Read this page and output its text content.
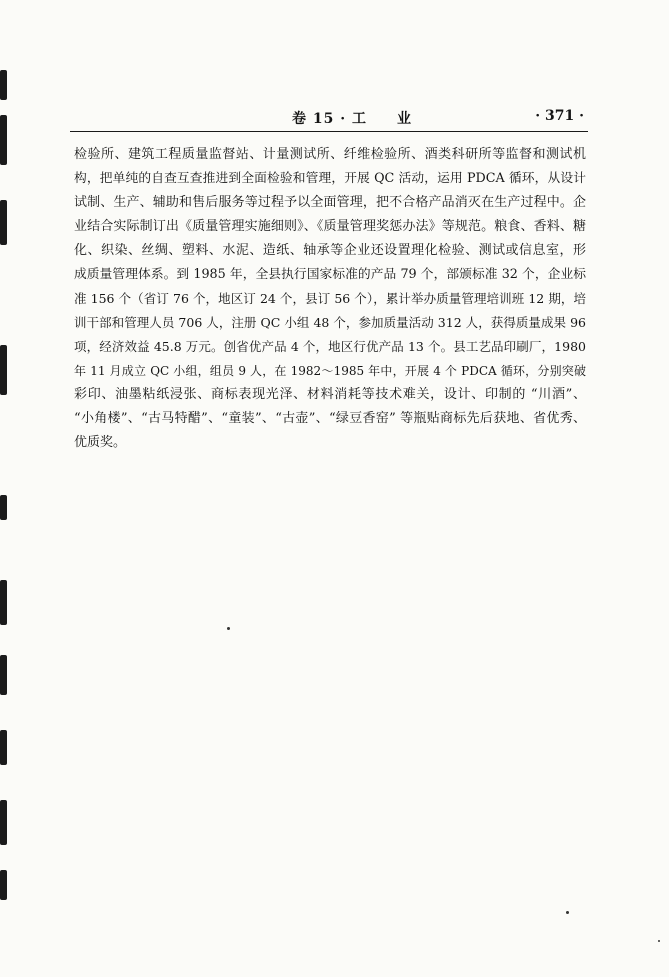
卷 15 · 工　　业	· 371 ·
检验所、建筑工程质量监督站、计量测试所、纤维检验所、酒类科研所等监督和测试机
构，把单纯的自查互查推进到全面检验和管理，开展 QC 活动，运用 PDCA 循环，从设计
试制、生产、辅助和售后服务等过程予以全面管理，把不合格产品消灭在生产过程中。企
业结合实际制订出《质量管理实施细则》、《质量管理奖惩办法》等规范。粮食、香料、糖
化、织染、丝绸、塑料、水泥、造纸、轴承等企业还设置理化检验、测试或信息室，形
成质量管理体系。到 1985 年，全县执行国家标准的产品 79 个，部颁标准 32 个，企业标
准 156 个（省订 76 个，地区订 24 个，县订 56 个），累计举办质量管理培训班 12 期，培
训干部和管理人员 706 人，注册 QC 小组 48 个，参加质量活动 312 人，获得质量成果 96
项，经济效益 45.8 万元。创省优产品 4 个，地区行优产品 13 个。县工艺品印刷厂，1980
年 11 月成立 QC 小组，组员 9 人，在 1982～1985 年中，开展 4 个 PDCA 循环，分别突破
彩印、油墨粘纸浸张、商标表现光泽、材料消耗等技术难关，设计、印制的 “川酒”、
“小角楼”、“古马特醋”、“童装”、“古壶”、“绿豆香窑” 等瓶贴商标先后获地、省优秀、
优质奖。
